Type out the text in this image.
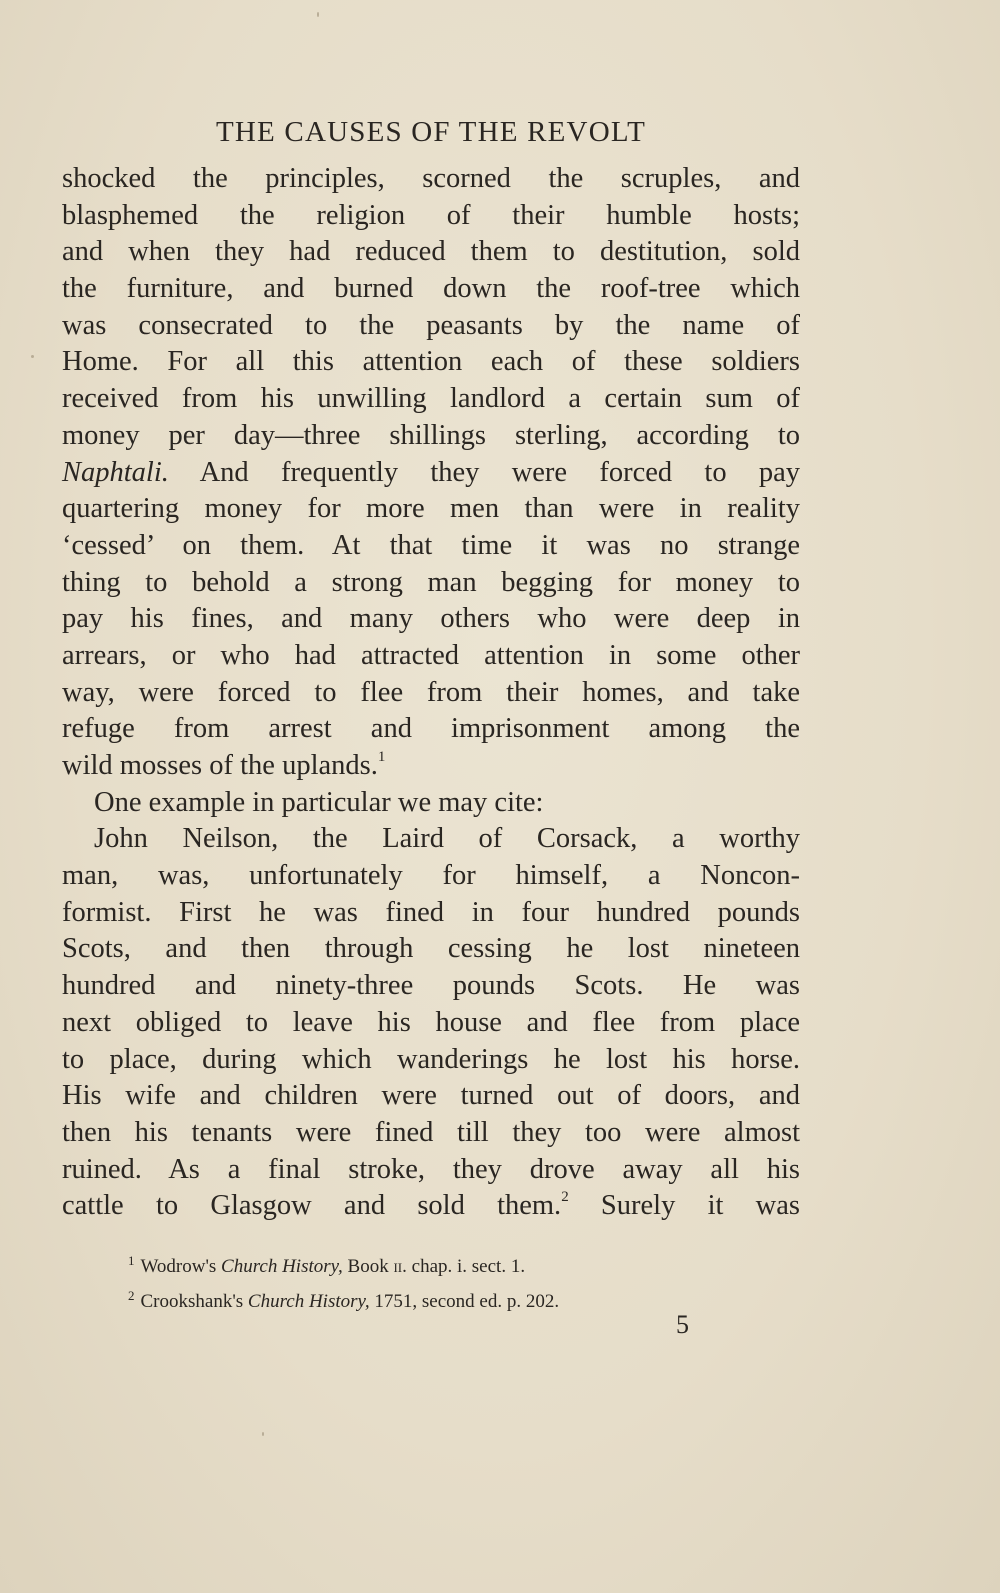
THE CAUSES OF THE REVOLT
shocked the principles, scorned the scruples, and
blasphemed the religion of their humble hosts;
and when they had reduced them to destitution, sold
the furniture, and burned down the roof-tree which
was consecrated to the peasants by the name of
Home. For all this attention each of these soldiers
received from his unwilling landlord a certain sum of
money per day—three shillings sterling, according to
Naphtali. And frequently they were forced to pay
quartering money for more men than were in reality
‘cessed’ on them. At that time it was no strange
thing to behold a strong man begging for money to
pay his fines, and many others who were deep in
arrears, or who had attracted attention in some other
way, were forced to flee from their homes, and take
refuge from arrest and imprisonment among the
wild mosses of the uplands.$^1$
One example in particular we may cite:
John Neilson, the Laird of Corsack, a worthy
man, was, unfortunately for himself, a Noncon-
formist. First he was fined in four hundred pounds
Scots, and then through cessing he lost nineteen
hundred and ninety-three pounds Scots. He was
next obliged to leave his house and flee from place
to place, during which wanderings he lost his horse.
His wife and children were turned out of doors, and
then his tenants were fined till they too were almost
ruined. As a final stroke, they drove away all his
cattle to Glasgow and sold them.$^2$ Surely it was
$^1$ Wodrow's Church History, Book ii. chap. i. sect. 1.
$^2$ Crookshank's Church History, 1751, second ed. p. 202.
5
